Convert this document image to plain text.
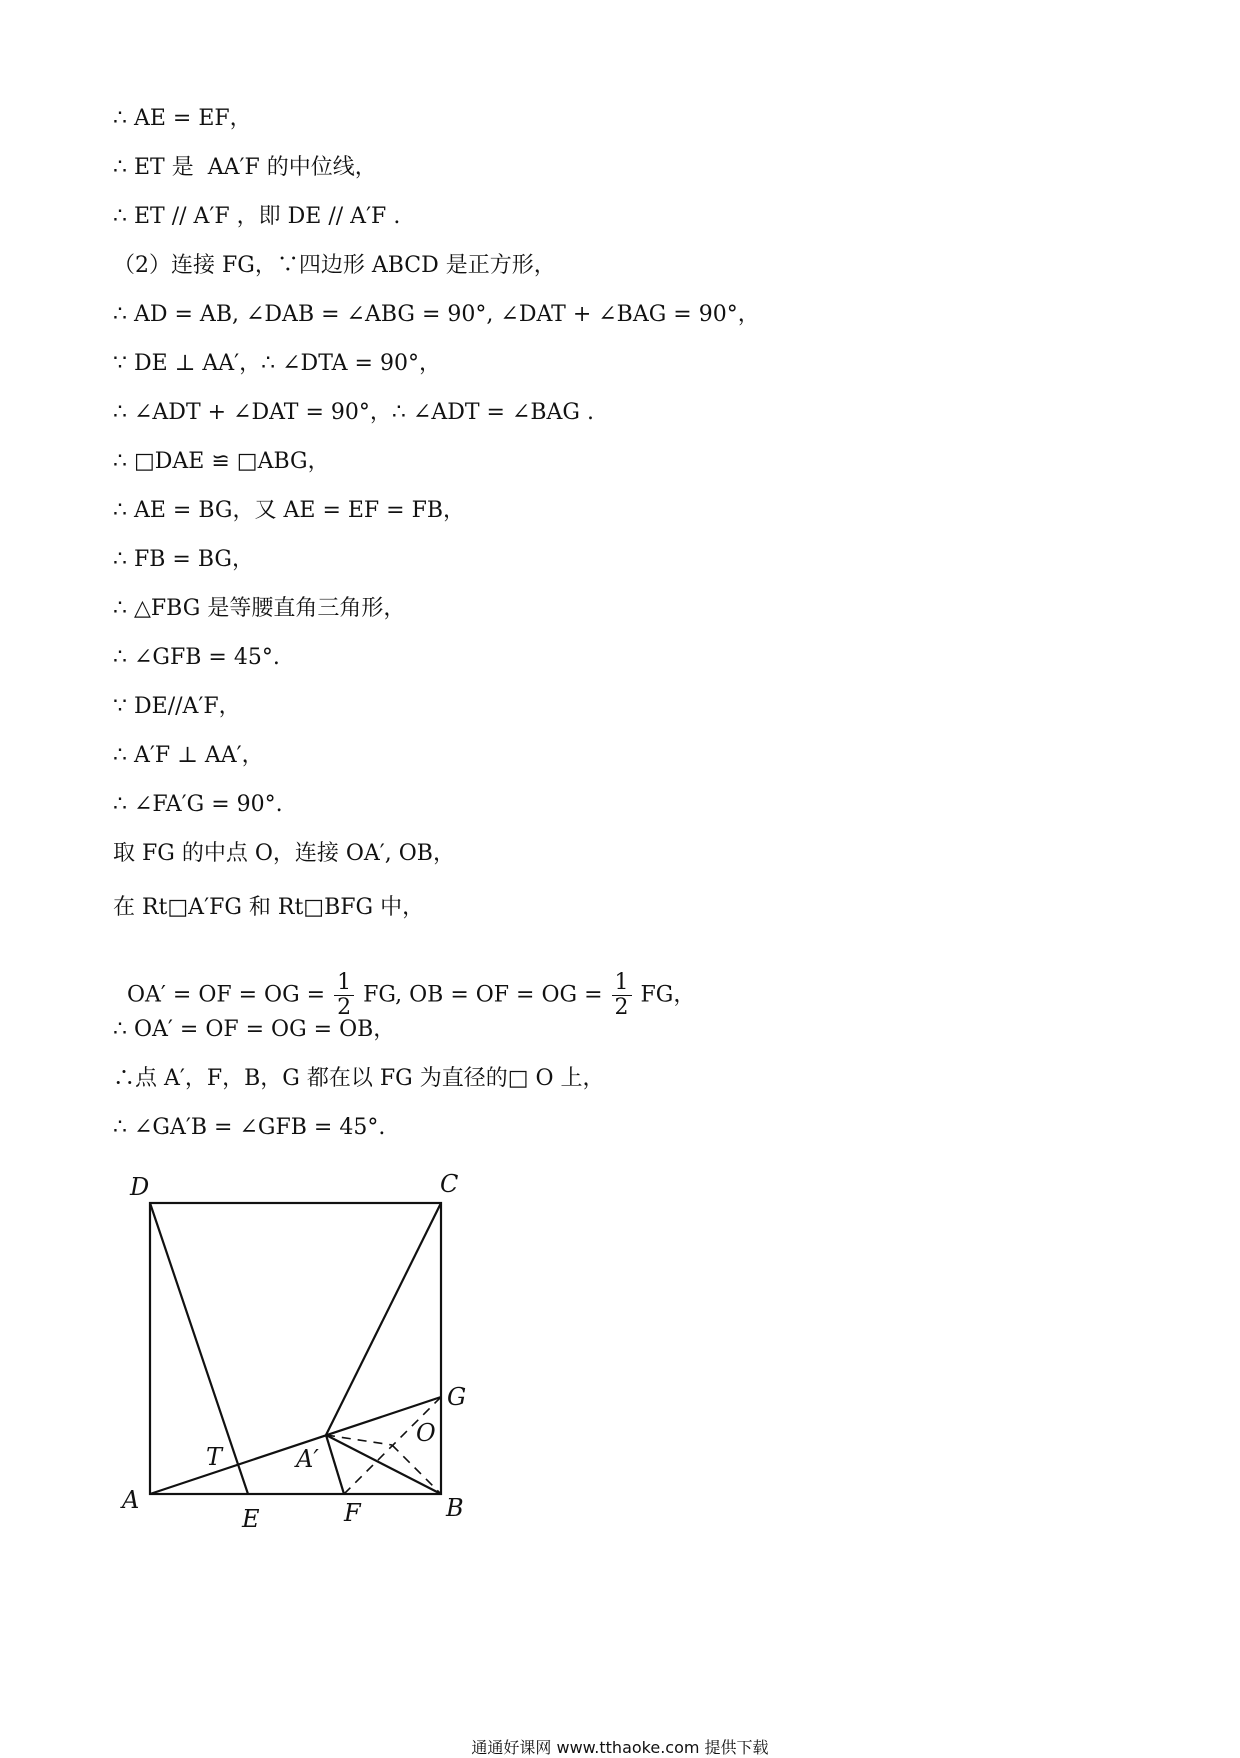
∴ AE = EF，
∴ ET 是  AA′F 的中位线，
∴ ET // A′F ，即 DE // A′F .
（2）连接 FG，∵四边形 ABCD 是正方形，
∴ AD = AB, ∠DAB = ∠ABG = 90°, ∠DAT + ∠BAG = 90°，
∵ DE ⊥ AA′，∴ ∠DTA = 90°，
∴ ∠ADT + ∠DAT = 90°，∴ ∠ADT = ∠BAG .
∴ □DAE ≌ □ABG，
∴ AE = BG，又 AE = EF = FB，
∴ FB = BG，
∴ △FBG 是等腰直角三角形，
∴ ∠GFB = 45°.
∵ DE//A′F，
∴ A′F ⊥ AA′，
∴ ∠FA′G = 90°.
取 FG 的中点 O，连接 OA′, OB，
在 Rt□A′FG 和 Rt□BFG 中，

OA′ = OF = OG = $\frac{1}{2}$ FG, OB = OF = OG = $\frac{1}{2}$ FG，

∴ OA′ = OF = OG = OB，
∴点 A′，F，B，G 都在以 FG 为直径的□ O 上，
∴ ∠GA′B = ∠GFB = 45°.
D	C
G
O
T	A′
A
E	F	B
通通好课网 www.tthaoke.com 提供下载
